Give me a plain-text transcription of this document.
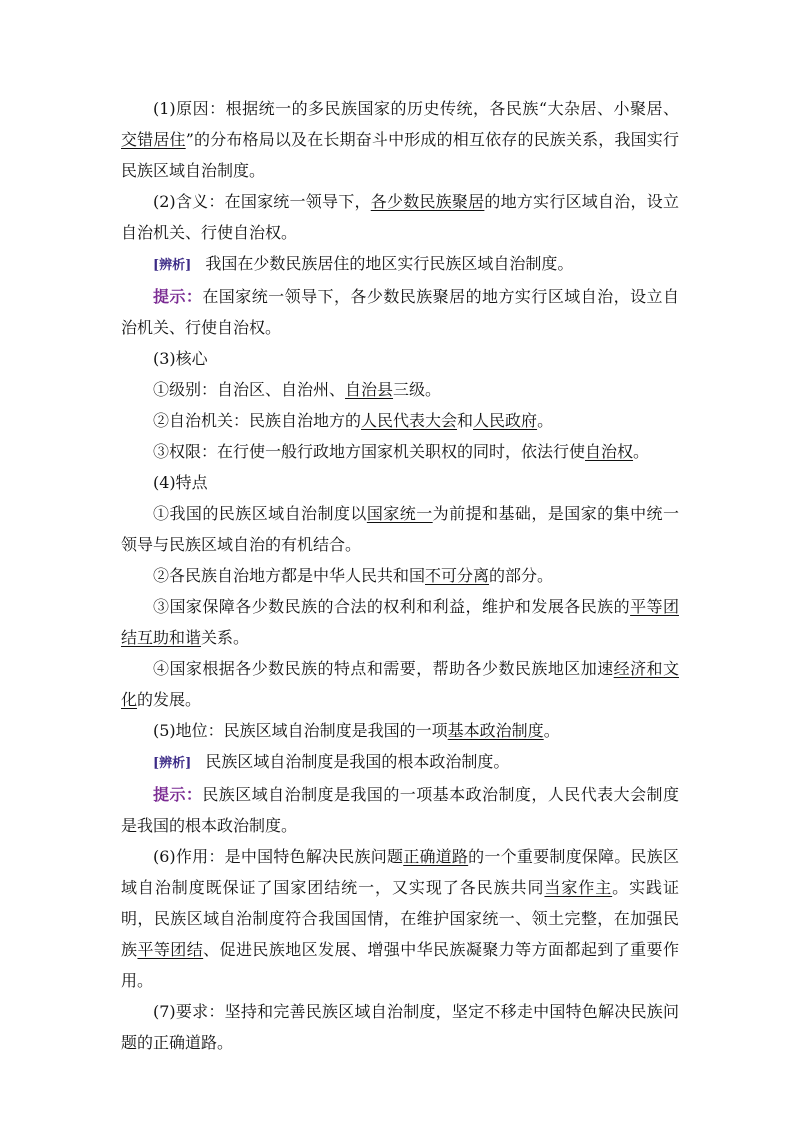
(1)原因：根据统一的多民族国家的历史传统，各民族“大杂居、小聚居、交错居住”的分布格局以及在长期奋斗中形成的相互依存的民族关系，我国实行民族区域自治制度。

(2)含义：在国家统一领导下，各少数民族聚居的地方实行区域自治，设立自治机关、行使自治权。

[辨析] 我国在少数民族居住的地区实行民族区域自治制度。

提示：在国家统一领导下，各少数民族聚居的地方实行区域自治，设立自治机关、行使自治权。

(3)核心

①级别：自治区、自治州、自治县三级。

②自治机关：民族自治地方的人民代表大会和人民政府。

③权限：在行使一般行政地方国家机关职权的同时，依法行使自治权。

(4)特点

①我国的民族区域自治制度以国家统一为前提和基础，是国家的集中统一领导与民族区域自治的有机结合。

②各民族自治地方都是中华人民共和国不可分离的部分。

③国家保障各少数民族的合法的权利和利益，维护和发展各民族的平等团结互助和谐关系。

④国家根据各少数民族的特点和需要，帮助各少数民族地区加速经济和文化的发展。

(5)地位：民族区域自治制度是我国的一项基本政治制度。

[辨析] 民族区域自治制度是我国的根本政治制度。

提示：民族区域自治制度是我国的一项基本政治制度，人民代表大会制度是我国的根本政治制度。

(6)作用：是中国特色解决民族问题正确道路的一个重要制度保障。民族区域自治制度既保证了国家团结统一，又实现了各民族共同当家作主。实践证明，民族区域自治制度符合我国国情，在维护国家统一、领土完整，在加强民族平等团结、促进民族地区发展、增强中华民族凝聚力等方面都起到了重要作用。

(7)要求：坚持和完善民族区域自治制度，坚定不移走中国特色解决民族问题的正确道路。
